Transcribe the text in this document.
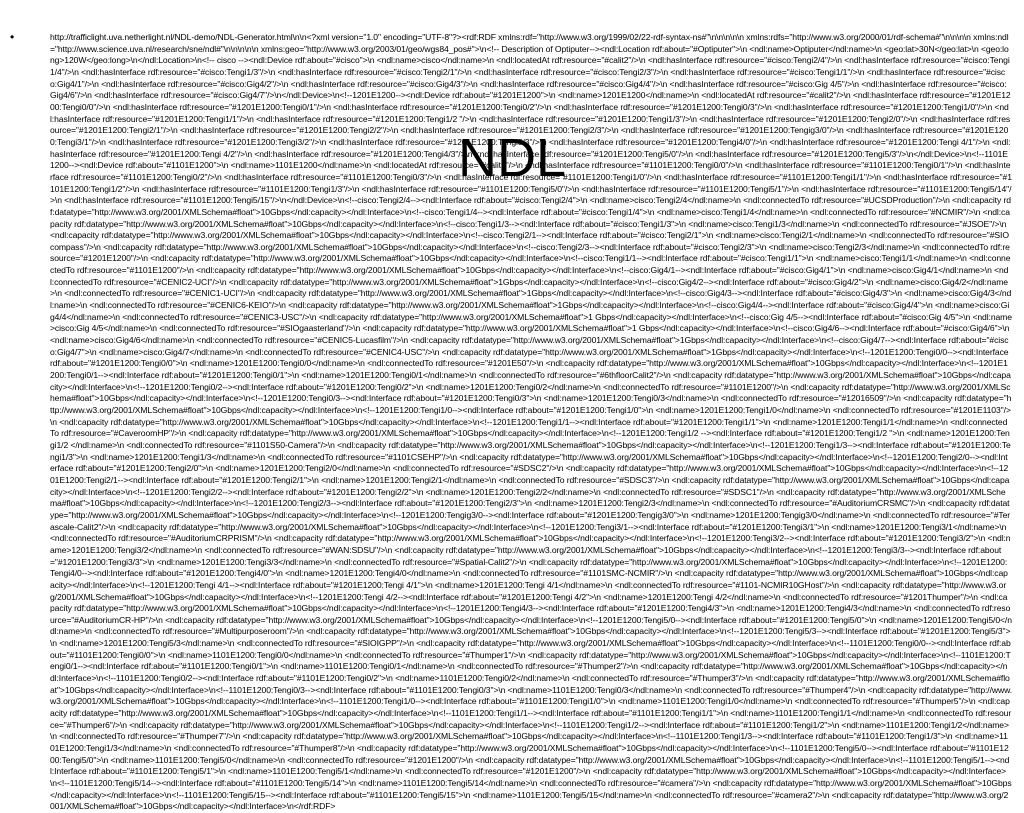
NDL
•	http://trafficlight.uva.netherlight.nl/NDL-demo/NDL-Generator.html\n\n<?xml version="1.0" encoding="UTF-8"?><rdf:RDF xmlns:rdf="http://www.w3.org/1999/02/22-rdf-syntax-ns#"\n\n\n\n\n xmlns:rdfs="http://www.w3.org/2000/01/rdf-schema#"\n\n\n\n xmlns:ndl="http://www.science.uva.nl/research/sne/ndl#"\n\n\n\n\n xmlns:geo="http://www.w3.org/2003/01/geo/wgs84_pos#">\n<!-- Description of Optiputer--><ndl:Location rdf:about="#Optiputer">\n <ndl:name>Optiputer</ndl:name>\n <geo:lat>30N</geo:lat>\n <geo:long>120W</geo:long>\n</ndl:Location>\n<!-- cisco --><ndl:Device rdf:about="#cisco">\n <ndl:name>cisco</ndl:name>\n <ndl:locatedAt rdf:resource="#calit2"/>\n <ndl:hasInterface rdf:resource="#cisco:Tengi2/4"/>\n <ndl:hasInterface rdf:resource="#cisco:Tengi1/4"/>\n <ndl:hasInterface rdf:resource="#cisco:Tengi1/3"/>\n <ndl:hasInterface rdf:resource="#cisco:Tengi2/1"/>\n <ndl:hasInterface rdf:resource="#cisco:Tengi2/3"/>\n <ndl:hasInterface rdf:resource="#cisco:Tengi1/1"/>\n <ndl:hasInterface rdf:resource="#cisco:Gig4/1"/>\n <ndl:hasInterface rdf:resource="#cisco:Gig4/2"/>\n <ndl:hasInterface rdf:resource="#cisco:Gig4/3"/>\n <ndl:hasInterface rdf:resource="#cisco:Gig4/4"/>\n <ndl:hasInterface rdf:resource="#cisco:Gig 4/5"/>\n <ndl:hasInterface rdf:resource="#cisco:Gig4/6"/>\n <ndl:hasInterface rdf:resource="#cisco:Gig4/7"/>\n</ndl:Device>\n<!--1201E1200--><ndl:Device rdf:about="#1201E1200">\n <ndl:name>1201E1200</ndl:name>\n <ndl:locatedAt rdf:resource="#calit2"/>\n <ndl:hasInterface rdf:resource="#1201E1200:Tengi0/0"/>\n <ndl:hasInterface rdf:resource="#1201E1200:Tengi0/1"/>\n <ndl:hasInterface rdf:resource="#1201E1200:Tengi0/2"/>\n <ndl:hasInterface rdf:resource="#1201E1200:Tengi0/3"/>\n <ndl:hasInterface rdf:resource="#1201E1200:Tengi1/0"/>\n <ndl:hasInterface rdf:resource="#1201E1200:Tengi1/1"/>\n <ndl:hasInterface rdf:resource="#1201E1200:Tengi1/2 "/>\n <ndl:hasInterface rdf:resource="#1201E1200:Tengi1/3"/>\n <ndl:hasInterface rdf:resource="#1201E1200:Tengi2/0"/>\n <ndl:hasInterface rdf:resource="#1201E1200:Tengi2/1"/>\n <ndl:hasInterface rdf:resource="#1201E1200:Tengi2/2"/>\n <ndl:hasInterface rdf:resource="#1201E1200:Tengi2/3"/>\n <ndl:hasInterface rdf:resource="#1201E1200:Tengig3/0"/>\n <ndl:hasInterface rdf:resource="#1201E1200:Tengi3/1"/>\n <ndl:hasInterface rdf:resource="#1201E1200:Tengi3/2"/>\n <ndl:hasInterface rdf:resource="#1201E1200:Tengi3/3"/>\n <ndl:hasInterface rdf:resource="#1201E1200:Tengi4/0"/>\n <ndl:hasInterface rdf:resource="#1201E1200:Tengi 4/1"/>\n <ndl:hasInterface rdf:resource="#1201E1200:Tengi 4/2"/>\n <ndl:hasInterface rdf:resource="#1201E1200:Tengi4/3"/>\n <ndl:hasInterface rdf:resource="#1201E1200:Tengi5/0"/>\n <ndl:hasInterface rdf:resource="#1201E1200:Tengi5/3"/>\n</ndl:Device>\n<!--1101E1200--><ndl:Device rdf:about="#1101E1200">\n <ndl:name>1101E1200</ndl:name>\n <ndl:locatedAt rdf:resource="#calit2"/>\n <ndl:hasInterface rdf:resource="#1101E1200:Tengi0/0"/>\n <ndl:hasInterface rdf:resource="#1101E1200:Tengi0/1"/>\n <ndl:hasInterface rdf:resource="#1101E1200:Tengi0/2"/>\n <ndl:hasInterface rdf:resource="#1101E1200:Tengi0/3"/>\n <ndl:hasInterface rdf:resource="#1101E1200:Tengi1/0"/>\n <ndl:hasInterface rdf:resource="#1101E1200:Tengi1/1"/>\n <ndl:hasInterface rdf:resource="#1101E1200:Tengi1/2"/>\n <ndl:hasInterface rdf:resource="#1101E1200:Tengi1/3"/>\n <ndl:hasInterface rdf:resource="#1101E1200:Tengi5/0"/>\n <ndl:hasInterface rdf:resource="#1101E1200:Tengi5/1"/>\n <ndl:hasInterface rdf:resource="#1101E1200:Tengi5/14"/>\n <ndl:hasInterface rdf:resource="#1101E1200:Tengi5/15"/>\n</ndl:Device>\n<!--cisco:Tengi2/4--><ndl:Interface rdf:about="#cisco:Tengi2/4">\n <ndl:name>cisco:Tengi2/4</ndl:name>\n <ndl:connectedTo rdf:resource="#UCSDProduction"/>\n <ndl:capacity rdf:datatype="http://www.w3.org/2001/XMLSchema#float">10Gbps</ndl:capacity></ndl:Interface>\n<!--cisco:Tengi1/4--><ndl:Interface rdf:about="#cisco:Tengi1/4">\n <ndl:name>cisco:Tengi1/4</ndl:name>\n <ndl:connectedTo rdf:resource="#NCMIR"/>\n <ndl:capacity rdf:datatype="http://www.w3.org/2001/XMLSchema#float">10Gbps</ndl:capacity></ndl:Interface>\n<!--cisco:Tengi1/3--><ndl:Interface rdf:about="#cisco:Tengi1/3">\n <ndl:name>cisco:Tengi1/3</ndl:name>\n <ndl:connectedTo rdf:resource="#JSOE"/>\n <ndl:capacity rdf:datatype="http://www.w3.org/2001/XMLSchema#float">10Gbps</ndl:capacity></ndl:Interface>\n<!--cisco:Tengi2/1--><ndl:Interface rdf:about="#cisco:Tengi2/1">\n <ndl:name>cisco:Tengi2/1</ndl:name>\n <ndl:connectedTo rdf:resource="#SIOcompass"/>\n <ndl:capacity rdf:datatype="http://www.w3.org/2001/XMLSchema#float">10Gbps</ndl:capacity></ndl:Interface>\n<!--cisco:Tengi2/3--><ndl:Interface rdf:about="#cisco:Tengi2/3">\n <ndl:name>cisco:Tengi2/3</ndl:name>\n <ndl:connectedTo rdf:resource="#1201E1200"/>\n <ndl:capacity rdf:datatype="http://www.w3.org/2001/XMLSchema#float">10Gbps</ndl:capacity></ndl:Interface>\n<!--cisco:Tengi1/1--><ndl:Interface rdf:about="#cisco:Tengi1/1">\n <ndl:name>cisco:Tengi1/1</ndl:name>\n <ndl:connectedTo rdf:resource="#1101E1200"/>\n <ndl:capacity rdf:datatype="http://www.w3.org/2001/XMLSchema#float">10Gbps</ndl:capacity></ndl:Interface>\n<!--cisco:Gig4/1--><ndl:Interface rdf:about="#cisco:Gig4/1">\n <ndl:name>cisco:Gig4/1</ndl:name>\n <ndl:connectedTo rdf:resource="#CENIC2-UCI"/>\n <ndl:capacity rdf:datatype="http://www.w3.org/2001/XMLSchema#float">1Gbps</ndl:capacity></ndl:Interface>\n<!--cisco:Gig4/2--><ndl:Interface rdf:about="#cisco:Gig4/2">\n <ndl:name>cisco:Gig4/2</ndl:name>\n <ndl:connectedTo rdf:resource="#CENIC1-UCI"/>\n <ndl:capacity rdf:datatype="http://www.w3.org/2001/XMLSchema#float">1Gbps</ndl:capacity></ndl:Interface>\n<!--cisco:Gig4/3--><ndl:Interface rdf:about="#cisco:Gig4/3">\n <ndl:name>cisco:Gig4/3</ndl:name>\n <ndl:connectedTo rdf:resource="#CENIC6-KEIO"/>\n <ndl:capacity rdf:datatype="http://www.w3.org/2001/XMLSchema#float">1Gbps</ndl:capacity></ndl:Interface>\n<!--cisco:Gig4/4--><ndl:Interface rdf:about="#cisco:Gig4/4">\n <ndl:name>cisco:Gig4/4</ndl:name>\n <ndl:connectedTo rdf:resource="#CENIC3-USC"/>\n <ndl:capacity rdf:datatype="http://www.w3.org/2001/XMLSchema#float">1 Gbps</ndl:capacity></ndl:Interface>\n<!--cisco:Gig 4/5--><ndl:Interface rdf:about="#cisco:Gig 4/5">\n <ndl:name>cisco:Gig 4/5</ndl:name>\n <ndl:connectedTo rdf:resource="#SIOgaasterland"/>\n <ndl:capacity rdf:datatype="http://www.w3.org/2001/XMLSchema#float">1 Gbps</ndl:capacity></ndl:Interface>\n<!--cisco:Gig4/6--><ndl:Interface rdf:about="#cisco:Gig4/6">\n <ndl:name>cisco:Gig4/6</ndl:name>\n <ndl:connectedTo rdf:resource="#CENIC5-Lucasfilm"/>\n <ndl:capacity rdf:datatype="http://www.w3.org/2001/XMLSchema#float">1Gbps</ndl:capacity></ndl:Interface>\n<!--cisco:Gig4/7--><ndl:Interface rdf:about="#cisco:Gig4/7">\n <ndl:name>cisco:Gig4/7</ndl:name>\n <ndl:connectedTo rdf:resource="#CENIC4-USC"/>\n <ndl:capacity rdf:datatype="http://www.w3.org/2001/XMLSchema#float">1Gbps</ndl:capacity></ndl:Interface>\n<!--1201E1200:Tengi0/0--><ndl:Interface rdf:about="#1201E1200:Tengi0/0">\n <ndl:name>1201E1200:Tengi0/0</ndl:name>\n <ndl:connectedTo rdf:resource="#1201E50"/>\n <ndl:capacity rdf:datatype="http://www.w3.org/2001/XMLSchema#float">10Gbps</ndl:capacity></ndl:Interface>\n<!--1201E1200:Tengi0/1--><ndl:Interface rdf:about="#1201E1200:Tengi0/1">\n <ndl:name>1201E1200:Tengi0/1</ndl:name>\n <ndl:connectedTo rdf:resource="#6thfloorCalit2"/>\n <ndl:capacity rdf:datatype="http://www.w3.org/2001/XMLSchema#float">10Gbps</ndl:capacity></ndl:Interface>\n<!--1201E1200:Tengi0/2--><ndl:Interface rdf:about="#1201E1200:Tengi0/2">\n <ndl:name>1201E1200:Tengi0/2</ndl:name>\n <ndl:connectedTo rdf:resource="#1101E1200"/>\n <ndl:capacity rdf:datatype="http://www.w3.org/2001/XMLSchema#float">10Gbps</ndl:capacity></ndl:Interface>\n<!--1201E1200:Tengi0/3--><ndl:Interface rdf:about="#1201E1200:Tengi0/3">\n <ndl:name>1201E1200:Tengi0/3</ndl:name>\n <ndl:connectedTo rdf:resource="#12016509"/>\n <ndl:capacity rdf:datatype="http://www.w3.org/2001/XMLSchema#float">10Gbps</ndl:capacity></ndl:Interface>\n<!--1201E1200:Tengi1/0--><ndl:Interface rdf:about="#1201E1200:Tengi1/0">\n <ndl:name>1201E1200:Tengi1/0</ndl:name>\n <ndl:connectedTo rdf:resource="#1201E1103"/>\n <ndl:capacity rdf:datatype="http://www.w3.org/2001/XMLSchema#float">10Gbps</ndl:capacity></ndl:Interface>\n<!--1201E1200:Tengi1/1--><ndl:Interface rdf:about="#1201E1200:Tengi1/1">\n <ndl:name>1201E1200:Tengi1/1</ndl:name>\n <ndl:connectedTo rdf:resource="#CaveroomHP"/>\n <ndl:capacity rdf:datatype="http://www.w3.org/2001/XMLSchema#float">10Gbps</ndl:capacity></ndl:Interface>\n<!--1201E1200:Tengi1/2 --><ndl:Interface rdf:about="#1201E1200:Tengi1/2 ">\n <ndl:name>1201E1200:Tengi1/2 </ndl:name>\n <ndl:connectedTo rdf:resource="#1101S50-Camera"/>\n <ndl:capacity rdf:datatype="http://www.w3.org/2001/XMLSchema#float">10Gbps</ndl:capacity></ndl:Interface>\n<!--1201E1200:Tengi1/3--><ndl:Interface rdf:about="#1201E1200:Tengi1/3">\n <ndl:name>1201E1200:Tengi1/3</ndl:name>\n <ndl:connectedTo rdf:resource="#1101CSEHP"/>\n <ndl:capacity rdf:datatype="http://www.w3.org/2001/XMLSchema#float">10Gbps</ndl:capacity></ndl:Interface>\n<!--1201E1200:Tengi2/0--><ndl:Interface rdf:about="#1201E1200:Tengi2/0">\n <ndl:name>1201E1200:Tengi2/0</ndl:name>\n <ndl:connectedTo rdf:resource="#SDSC2"/>\n <ndl:capacity rdf:datatype="http://www.w3.org/2001/XMLSchema#float">10Gbps</ndl:capacity></ndl:Interface>\n<!--1201E1200:Tengi2/1--><ndl:Interface rdf:about="#1201E1200:Tengi2/1">\n <ndl:name>1201E1200:Tengi2/1</ndl:name>\n <ndl:connectedTo rdf:resource="#SDSC3"/>\n <ndl:capacity rdf:datatype="http://www.w3.org/2001/XMLSchema#float">10Gbps</ndl:capacity></ndl:Interface>\n<!--1201E1200:Tengi2/2--><ndl:Interface rdf:about="#1201E1200:Tengi2/2">\n <ndl:name>1201E1200:Tengi2/2</ndl:name>\n <ndl:connectedTo rdf:resource="#SDSC1"/>\n <ndl:capacity rdf:datatype="http://www.w3.org/2001/XMLSchema#float">10Gbps</ndl:capacity></ndl:Interface>\n<!--1201E1200:Tengi2/3--><ndl:Interface rdf:about="#1201E1200:Tengi2/3">\n <ndl:name>1201E1200:Tengi2/3</ndl:name>\n <ndl:connectedTo rdf:resource="#AuditoriumCRSMC"/>\n <ndl:capacity rdf:datatype="http://www.w3.org/2001/XMLSchema#float">10Gbps</ndl:capacity></ndl:Interface>\n<!--1201E1200:Tengig3/0--><ndl:Interface rdf:about="#1201E1200:Tengig3/0">\n <ndl:name>1201E1200:Tengig3/0</ndl:name>\n <ndl:connectedTo rdf:resource="#Terascale-Calit2"/>\n <ndl:capacity rdf:datatype="http://www.w3.org/2001/XMLSchema#float">10Gbps</ndl:capacity></ndl:Interface>\n<!--1201E1200:Tengi3/1--><ndl:Interface rdf:about="#1201E1200:Tengi3/1">\n <ndl:name>1201E1200:Tengi3/1</ndl:name>\n <ndl:connectedTo rdf:resource="#AuditoriumCRPRISM"/>\n <ndl:capacity rdf:datatype="http://www.w3.org/2001/XMLSchema#float">10Gbps</ndl:capacity></ndl:Interface>\n<!--1201E1200:Tengi3/2--><ndl:Interface rdf:about="#1201E1200:Tengi3/2">\n <ndl:name>1201E1200:Tengi3/2</ndl:name>\n <ndl:connectedTo rdf:resource="#WAN:SDSU"/>\n <ndl:capacity rdf:datatype="http://www.w3.org/2001/XMLSchema#float">10Gbps</ndl:capacity></ndl:Interface>\n<!--1201E1200:Tengi3/3--><ndl:Interface rdf:about="#1201E1200:Tengi3/3">\n <ndl:name>1201E1200:Tengi3/3</ndl:name>\n <ndl:connectedTo rdf:resource="#Spatial-Calit2"/>\n <ndl:capacity rdf:datatype="http://www.w3.org/2001/XMLSchema#float">10Gbps</ndl:capacity></ndl:Interface>\n<!--1201E1200:Tengi4/0--><ndl:Interface rdf:about="#1201E1200:Tengi4/0">\n <ndl:name>1201E1200:Tengi4/0</ndl:name>\n <ndl:connectedTo rdf:resource="#1101SMC-NCMIR"/>\n <ndl:capacity rdf:datatype="http://www.w3.org/2001/XMLSchema#float">10Gbps</ndl:capacity></ndl:Interface>\n<!--1201E1200:Tengi 4/1--><ndl:Interface rdf:about="#1201E1200:Tengi 4/1">\n <ndl:name>1201E1200:Tengi 4/1</ndl:name>\n <ndl:connectedTo rdf:resource="#1101-NCMIR10GHost"/>\n <ndl:capacity rdf:datatype="http://www.w3.org/2001/XMLSchema#float">10Gbps</ndl:capacity></ndl:Interface>\n<!--1201E1200:Tengi 4/2--><ndl:Interface rdf:about="#1201E1200:Tengi 4/2">\n <ndl:name>1201E1200:Tengi 4/2</ndl:name>\n <ndl:connectedTo rdf:resource="#1201Thumper"/>\n <ndl:capacity rdf:datatype="http://www.w3.org/2001/XMLSchema#float">10Gbps</ndl:capacity></ndl:Interface>\n<!--1201E1200:Tengi4/3--><ndl:Interface rdf:about="#1201E1200:Tengi4/3">\n <ndl:name>1201E1200:Tengi4/3</ndl:name>\n <ndl:connectedTo rdf:resource="#AuditoriumCR-HP"/>\n <ndl:capacity rdf:datatype="http://www.w3.org/2001/XMLSchema#float">10Gbps</ndl:capacity></ndl:Interface>\n<!--1201E1200:Tengi5/0--><ndl:Interface rdf:about="#1201E1200:Tengi5/0">\n <ndl:name>1201E1200:Tengi5/0</ndl:name>\n <ndl:connectedTo rdf:resource="#Multipurposeroom"/>\n <ndl:capacity rdf:datatype="http://www.w3.org/2001/XMLSchema#float">10Gbps</ndl:capacity></ndl:Interface>\n<!--1201E1200:Tengi5/3--><ndl:Interface rdf:about="#1201E1200:Tengi5/3">\n <ndl:name>1201E1200:Tengi5/3</ndl:name>\n <ndl:connectedTo rdf:resource="#SIOIGPP"/>\n <ndl:capacity rdf:datatype="http://www.w3.org/2001/XMLSchema#float">10Gbps</ndl:capacity></ndl:Interface>\n<!--1101E1200:Tengi0/0--><ndl:Interface rdf:about="#1101E1200:Tengi0/0">\n <ndl:name>1101E1200:Tengi0/0</ndl:name>\n <ndl:connectedTo rdf:resource="#Thumper1"/>\n <ndl:capacity rdf:datatype="http://www.w3.org/2001/XMLSchema#float">10Gbps</ndl:capacity></ndl:Interface>\n<!--1101E1200:Tengi0/1--><ndl:Interface rdf:about="#1101E1200:Tengi0/1">\n <ndl:name>1101E1200:Tengi0/1</ndl:name>\n <ndl:connectedTo rdf:resource="#Thumper2"/>\n <ndl:capacity rdf:datatype="http://www.w3.org/2001/XMLSchema#float">10Gbps</ndl:capacity></ndl:Interface>\n<!--1101E1200:Tengi0/2--><ndl:Interface rdf:about="#1101E1200:Tengi0/2">\n <ndl:name>1101E1200:Tengi0/2</ndl:name>\n <ndl:connectedTo rdf:resource="#Thumper3"/>\n <ndl:capacity rdf:datatype="http://www.w3.org/2001/XMLSchema#float">10Gbps</ndl:capacity></ndl:Interface>\n<!--1101E1200:Tengi0/3--><ndl:Interface rdf:about="#1101E1200:Tengi0/3">\n <ndl:name>1101E1200:Tengi0/3</ndl:name>\n <ndl:connectedTo rdf:resource="#Thumper4"/>\n <ndl:capacity rdf:datatype="http://www.w3.org/2001/XMLSchema#float">10Gbps</ndl:capacity></ndl:Interface>\n<!--1101E1200:Tengi1/0--><ndl:Interface rdf:about="#1101E1200:Tengi1/0">\n <ndl:name>1101E1200:Tengi1/0</ndl:name>\n <ndl:connectedTo rdf:resource="#Thumper5"/>\n <ndl:capacity rdf:datatype="http://www.w3.org/2001/XMLSchema#float">10Gbps</ndl:capacity></ndl:Interface>\n<!--1101E1200:Tengi1/1--><ndl:Interface rdf:about="#1101E1200:Tengi1/1">\n <ndl:name>1101E1200:Tengi1/1</ndl:name>\n <ndl:connectedTo rdf:resource="#Thumper6"/>\n <ndl:capacity rdf:datatype="http://www.w3.org/2001/XMLSchema#float">10Gbps</ndl:capacity></ndl:Interface>\n<!--1101E1200:Tengi1/2--><ndl:Interface rdf:about="#1101E1200:Tengi1/2">\n <ndl:name>1101E1200:Tengi1/2</ndl:name>\n <ndl:connectedTo rdf:resource="#Thumper7"/>\n <ndl:capacity rdf:datatype="http://www.w3.org/2001/XMLSchema#float">10Gbps</ndl:capacity></ndl:Interface>\n<!--1101E1200:Tengi1/3--><ndl:Interface rdf:about="#1101E1200:Tengi1/3">\n <ndl:name>1101E1200:Tengi1/3</ndl:name>\n <ndl:connectedTo rdf:resource="#Thumper8"/>\n <ndl:capacity rdf:datatype="http://www.w3.org/2001/XMLSchema#float">10Gbps</ndl:capacity></ndl:Interface>\n<!--1101E1200:Tengi5/0--><ndl:Interface rdf:about="#1101E1200:Tengi5/0">\n <ndl:name>1101E1200:Tengi5/0</ndl:name>\n <ndl:connectedTo rdf:resource="#1201E1200"/>\n <ndl:capacity rdf:datatype="http://www.w3.org/2001/XMLSchema#float">10Gbps</ndl:capacity></ndl:Interface>\n<!--1101E1200:Tengi5/1--><ndl:Interface rdf:about="#1101E1200:Tengi5/1">\n <ndl:name>1101E1200:Tengi5/1</ndl:name>\n <ndl:connectedTo rdf:resource="#1201E1200"/>\n <ndl:capacity rdf:datatype="http://www.w3.org/2001/XMLSchema#float">10Gbps</ndl:capacity></ndl:Interface>\n<!--1101E1200:Tengi5/14--><ndl:Interface rdf:about="#1101E1200:Tengi5/14">\n <ndl:name>1101E1200:Tengi5/14</ndl:name>\n <ndl:connectedTo rdf:resource="#camera"/>\n <ndl:capacity rdf:datatype="http://www.w3.org/2001/XMLSchema#float">10Gbps</ndl:capacity></ndl:Interface>\n<!--1101E1200:Tengi5/15--><ndl:Interface rdf:about="#1101E1200:Tengi5/15">\n <ndl:name>1101E1200:Tengi5/15</ndl:name>\n <ndl:connectedTo rdf:resource="#camera2"/>\n <ndl:capacity rdf:datatype="http://www.w3.org/2001/XMLSchema#float">10Gbps</ndl:capacity></ndl:Interface>\n</rdf:RDF>
